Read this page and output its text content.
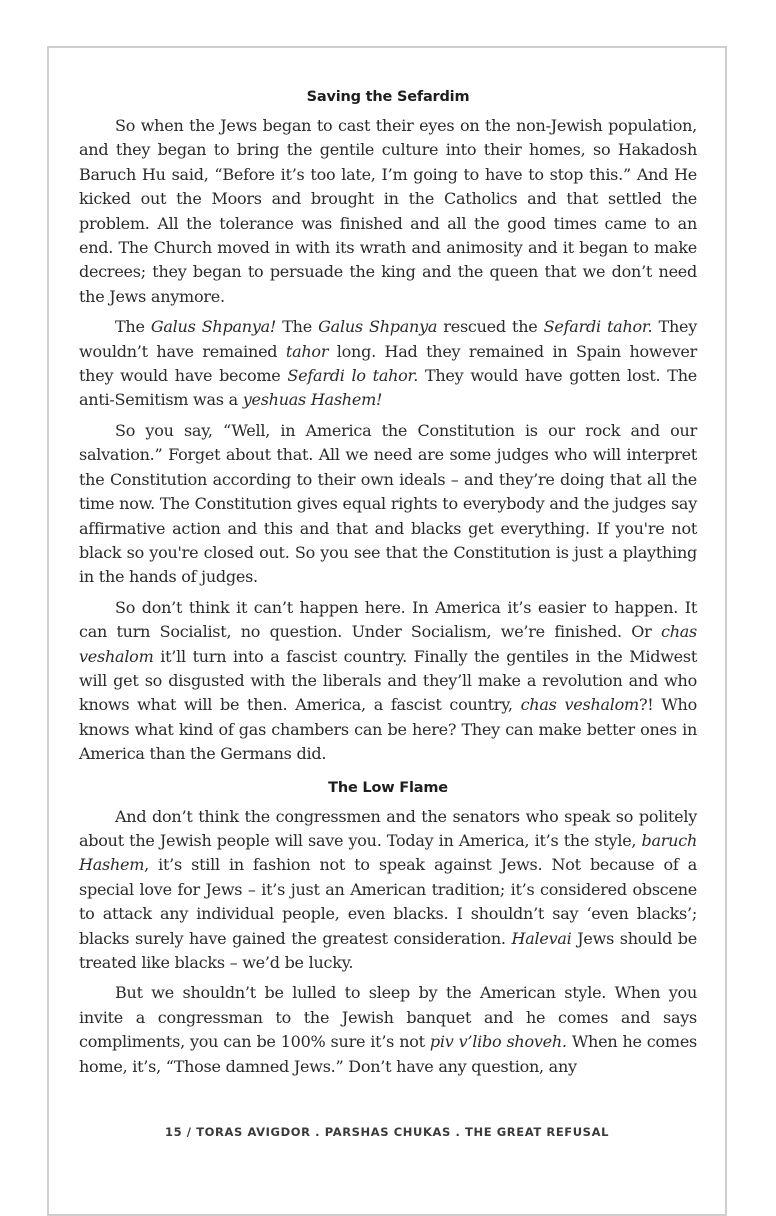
Saving the Sefardim

So when the Jews began to cast their eyes on the non-Jewish population, and they began to bring the gentile culture into their homes, so Hakadosh Baruch Hu said, “Before it’s too late, I’m going to have to stop this.” And He kicked out the Moors and brought in the Catholics and that settled the problem. All the tolerance was finished and all the good times came to an end. The Church moved in with its wrath and animosity and it began to make decrees; they began to persuade the king and the queen that we don’t need the Jews anymore.

The Galus Shpanya! The Galus Shpanya rescued the Sefardi tahor. They wouldn’t have remained tahor long. Had they remained in Spain however they would have become Sefardi lo tahor. They would have gotten lost. The anti-Semitism was a yeshuas Hashem!

So you say, “Well, in America the Constitution is our rock and our salvation.” Forget about that. All we need are some judges who will interpret the Constitution according to their own ideals – and they’re doing that all the time now. The Constitution gives equal rights to everybody and the judges say affirmative action and this and that and blacks get everything. If you're not black so you're closed out. So you see that the Constitution is just a plaything in the hands of judges.

So don’t think it can’t happen here. In America it’s easier to happen. It can turn Socialist, no question. Under Socialism, we’re finished. Or chas veshalom it’ll turn into a fascist country. Finally the gentiles in the Midwest will get so disgusted with the liberals and they’ll make a revolution and who knows what will be then. America, a fascist country, chas veshalom?! Who knows what kind of gas chambers can be here? They can make better ones in America than the Germans did.

The Low Flame

And don’t think the congressmen and the senators who speak so politely about the Jewish people will save you. Today in America, it’s the style, baruch Hashem, it’s still in fashion not to speak against Jews. Not because of a special love for Jews – it’s just an American tradition; it’s considered obscene to attack any individual people, even blacks. I shouldn’t say ‘even blacks’; blacks surely have gained the greatest consideration. Halevai Jews should be treated like blacks – we’d be lucky.

But we shouldn’t be lulled to sleep by the American style. When you invite a congressman to the Jewish banquet and he comes and says compliments, you can be 100% sure it’s not piv v’libo shoveh. When he comes home, it’s, “Those damned Jews.” Don’t have any question, any

15 / TORAS AVIGDOR . PARSHAS CHUKAS . THE GREAT REFUSAL
